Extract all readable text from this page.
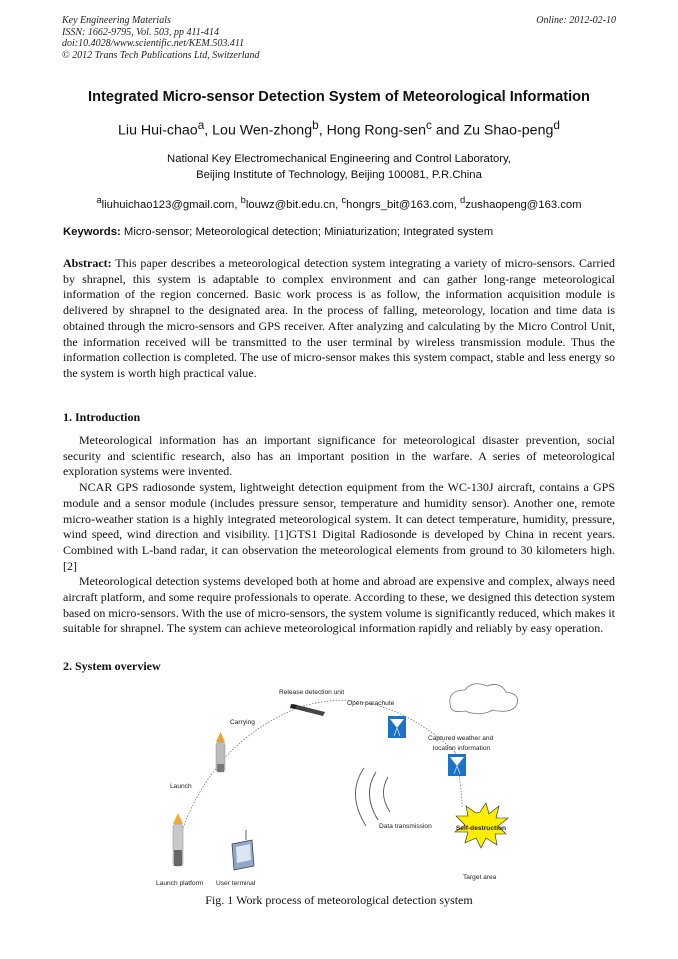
Key Engineering Materials
ISSN: 1662-9795, Vol. 503, pp 411-414
doi:10.4028/www.scientific.net/KEM.503.411
© 2012 Trans Tech Publications Ltd, Switzerland
Online: 2012-02-10
Integrated Micro-sensor Detection System of Meteorological Information
Liu Hui-chao$^a$, Lou Wen-zhong$^b$, Hong Rong-sen$^c$ and Zu Shao-peng$^d$
National Key Electromechanical Engineering and Control Laboratory,
Beijing Institute of Technology, Beijing 100081, P.R.China
$^a$liuhuichao123@gmail.com, $^b$louwz@bit.edu.cn, $^c$hongrs_bit@163.com, $^d$zushaopeng@163.com
Keywords: Micro-sensor; Meteorological detection; Miniaturization; Integrated system
Abstract: This paper describes a meteorological detection system integrating a variety of micro-sensors. Carried by shrapnel, this system is adaptable to complex environment and can gather long-range meteorological information of the region concerned. Basic work process is as follow, the information acquisition module is delivered by shrapnel to the designated area. In the process of falling, meteorology, location and time data is obtained through the micro-sensors and GPS receiver. After analyzing and calculating by the Micro Control Unit, the information received will be transmitted to the user terminal by wireless transmission module. Thus the information collection is completed. The use of micro-sensor makes this system compact, stable and less energy so the system is worth high practical value.
1. Introduction

Meteorological information has an important significance for meteorological disaster prevention, social security and scientific research, also has an important position in the warfare. A series of meteorological exploration systems were invented.

NCAR GPS radiosonde system, lightweight detection equipment from the WC-130J aircraft, contains a GPS module and a sensor module (includes pressure sensor, temperature and humidity sensor). Another one, remote micro-weather station is a highly integrated meteorological system. It can detect temperature, humidity, pressure, wind speed, wind direction and visibility. [1]GTS1 Digital Radiosonde is developed by China in recent years. Combined with L-band radar, it can observation the meteorological elements from ground to 30 kilometers high. [2]

Meteorological detection systems developed both at home and abroad are expensive and complex, always need aircraft platform, and some require professionals to operate. According to these, we designed this detection system based on micro-sensors. With the use of micro-sensors, the system volume is significantly reduced, which makes it suitable for shrapnel. The system can achieve meteorological information rapidly and reliably by easy operation.

2. System overview
Self-destruction
Release detection unit
Open parachute
Carrying
Captured weather and
location information
Launch
Data transmission
Launch platform User terminal
Target area
Fig. 1 Work process of meteorological detection system
